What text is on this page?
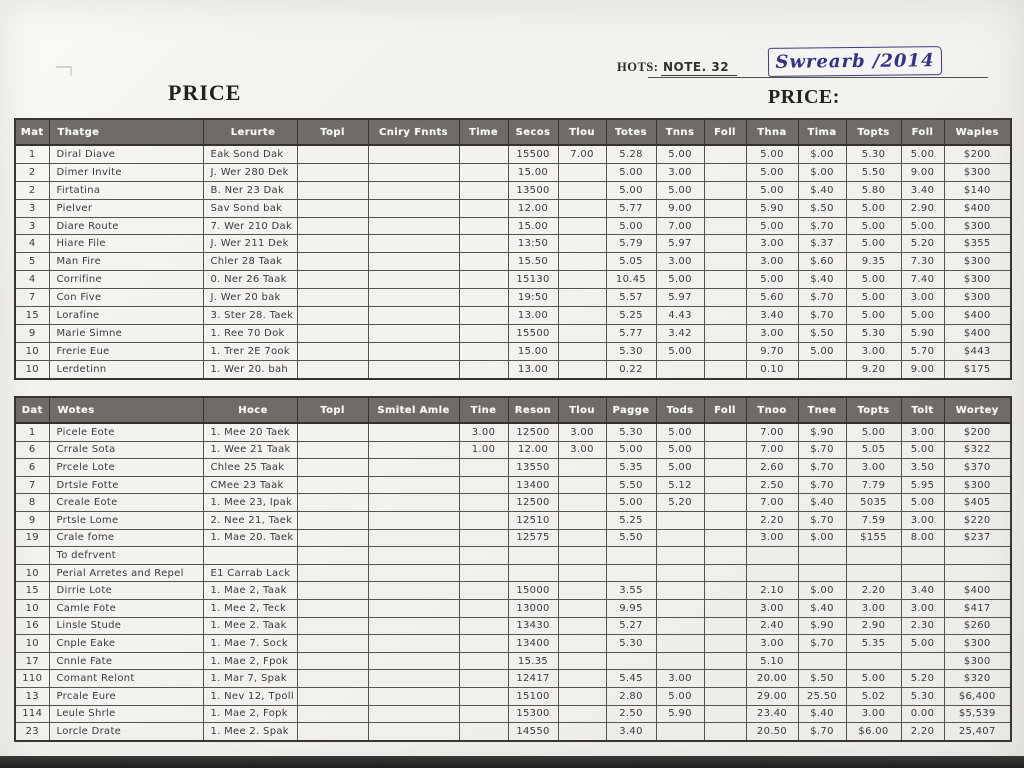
PRICE
HOTS: NOTE. 32	Swrearb /2014
PRICE:
Mat	Thatge	Lerurte	Topl	Cniry Fnnts	Time	Secos	Tlou	Totes	Tnns	Foll	Thna	Tima	Topts	Foll	Waples
1	Diral Diave	Eak Sond Dak				15500	7.00	5.28	5.00		5.00	$.00	5.30	5.00	$200
2	Dimer Invite	J. Wer 280 Dek				15.00		5.00	3.00		5.00	$.00	5.50	9.00	$300
2	Firtatina	B. Ner 23 Dak				13500		5.00	5.00		5.00	$.40	5.80	3.40	$140
3	Pielver	Sav Sond bak				12.00		5.77	9.00		5.90	$.50	5.00	2.90	$400
3	Diare Route	7. Wer 210 Dak				15.00		5.00	7.00		5.00	$.70	5.00	5.00	$300
4	Hiare File	J. Wer 211 Dek				13:50		5.79	5.97		3.00	$.37	5.00	5.20	$355
5	Man Fire	Chler 28 Taak				15.50		5.05	3.00		3.00	$.60	9.35	7.30	$300
4	Corrifine	0. Ner 26 Taak				15130		10.45	5.00		5.00	$.40	5.00	7.40	$300
7	Con Five	J. Wer 20 bak				19:50		5.57	5.97		5.60	$.70	5.00	3.00	$300
15	Lorafine	3. Ster 28. Taek				13.00		5.25	4.43		3.40	$.70	5.00	5.00	$400
9	Marie Simne	1. Ree 70 Dok				15500		5.77	3.42		3.00	$.50	5.30	5.90	$400
10	Frerie Eue	1. Trer 2E 7ook				15.00		5.30	5.00		9.70	5.00	3.00	5.70	$443
10	Lerdetinn	1. Wer 20. bah				13.00		0.22			0.10		9.20	9.00	$175
Dat	Wotes	Hoce	Topl	Smitel Amle	Tine	Reson	Tlou	Pagge	Tods	Foll	Tnoo	Tnee	Topts	Tolt	Wortey
1	Picele Eote	1. Mee 20 Taek			3.00	12500	3.00	5.30	5.00		7.00	$.90	5.00	3.00	$200
6	Crrale Sota	1. Wee 21 Taak			1.00	12.00	3.00	5.00	5.00		7.00	$.70	5.05	5.00	$322
6	Prcele Lote	Chlee 25 Taak				13550		5.35	5.00		2.60	$.70	3.00	3.50	$370
7	Drtsle Fotte	CMee 23 Taak				13400		5.50	5.12		2.50	$.70	7.79	5.95	$300
8	Creale Eote	1. Mee 23, Ipak				12500		5.00	5.20		7.00	$.40	5035	5.00	$405
9	Prtsle Lome	2. Nee 21, Taek				12510		5.25			2.20	$.70	7.59	3.00	$220
19	Crale fome	1. Mae 20. Taek				12575		5.50			3.00	$.00	$155	8.00	$237
	To defrvent														
10	Perial Arretes and Repel	E1 Carrab Lack													
15	Dirrie Lote	1. Mae 2, Taak				15000		3.55			2.10	$.00	2.20	3.40	$400
10	Camle Fote	1. Mee 2, Teck				13000		9.95			3.00	$.40	3.00	3.00	$417
16	Linsle Stude	1. Mee 2. Taak				13430		5.27			2.40	$.90	2.90	2.30	$260
10	Cnple Eake	1. Mae 7. Sock				13400		5.30			3.00	$.70	5.35	5.00	$300
17	Cnnle Fate	1. Mae 2, Fpok				15.35					5.10				$300
110	Comant Relont	1. Mar 7, Spak				12417		5.45	3.00		20.00	$.50	5.00	5.20	$320
13	Prcale Eure	1. Nev 12, Tpoll				15100		2.80	5.00		29.00	25.50	5.02	5.30	$6,400
114	Leule Shrle	1. Mae 2, Fopk				15300		2.50	5.90		23.40	$.40	3.00	0.00	$5,539
23	Lorcle Drate	1. Mee 2. Spak				14550		3.40			20.50	$.70	$6.00	2.20	25,407
